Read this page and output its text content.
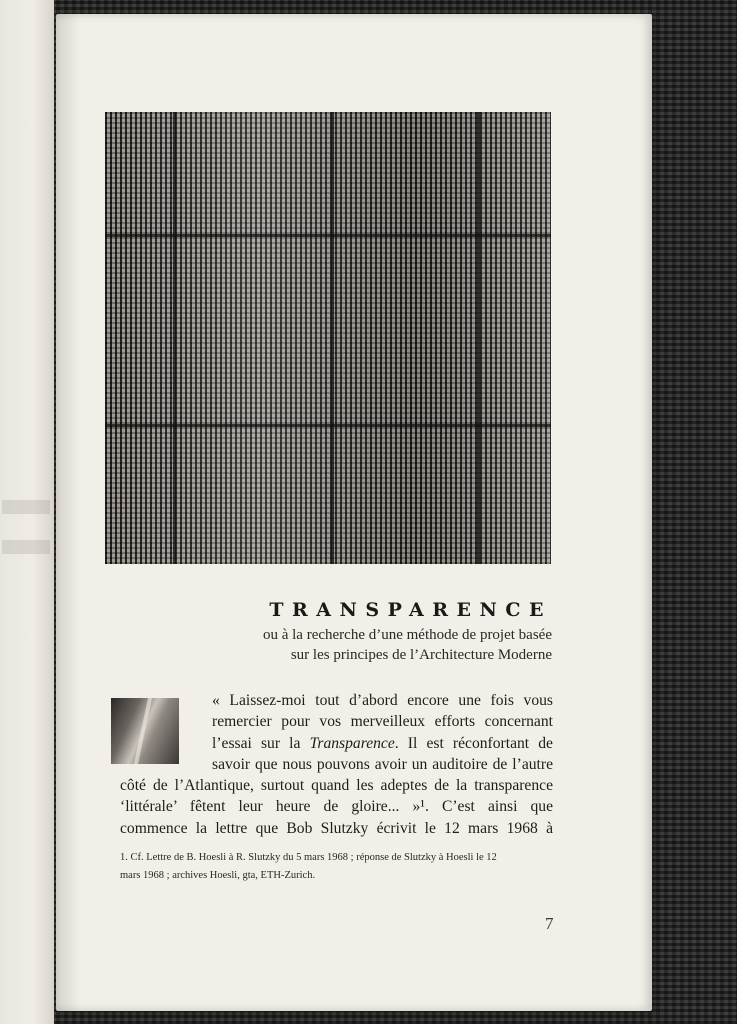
TRANSPARENCE
ou à la recherche d’une méthode de projet basée
sur les principes de l’Architecture Moderne

« Laissez-moi tout d’abord encore une fois vous

remercier pour vos merveilleux efforts concernant

l’essai sur la Transparence. Il est réconfortant de

savoir que nous pouvons avoir un auditoire de l’autre

côté de l’Atlantique, surtout quand les adeptes de la transparence

‘littérale’ fêtent leur heure de gloire... »¹. C’est ainsi que

commence la lettre que Bob Slutzky écrivit le 12 mars 1968 à

1. Cf. Lettre de B. Hoesli à R. Slutzky du 5 mars 1968 ; réponse de Slutzky à Hoesli le 12
mars 1968 ; archives Hoesli, gta, ETH-Zurich.
7
